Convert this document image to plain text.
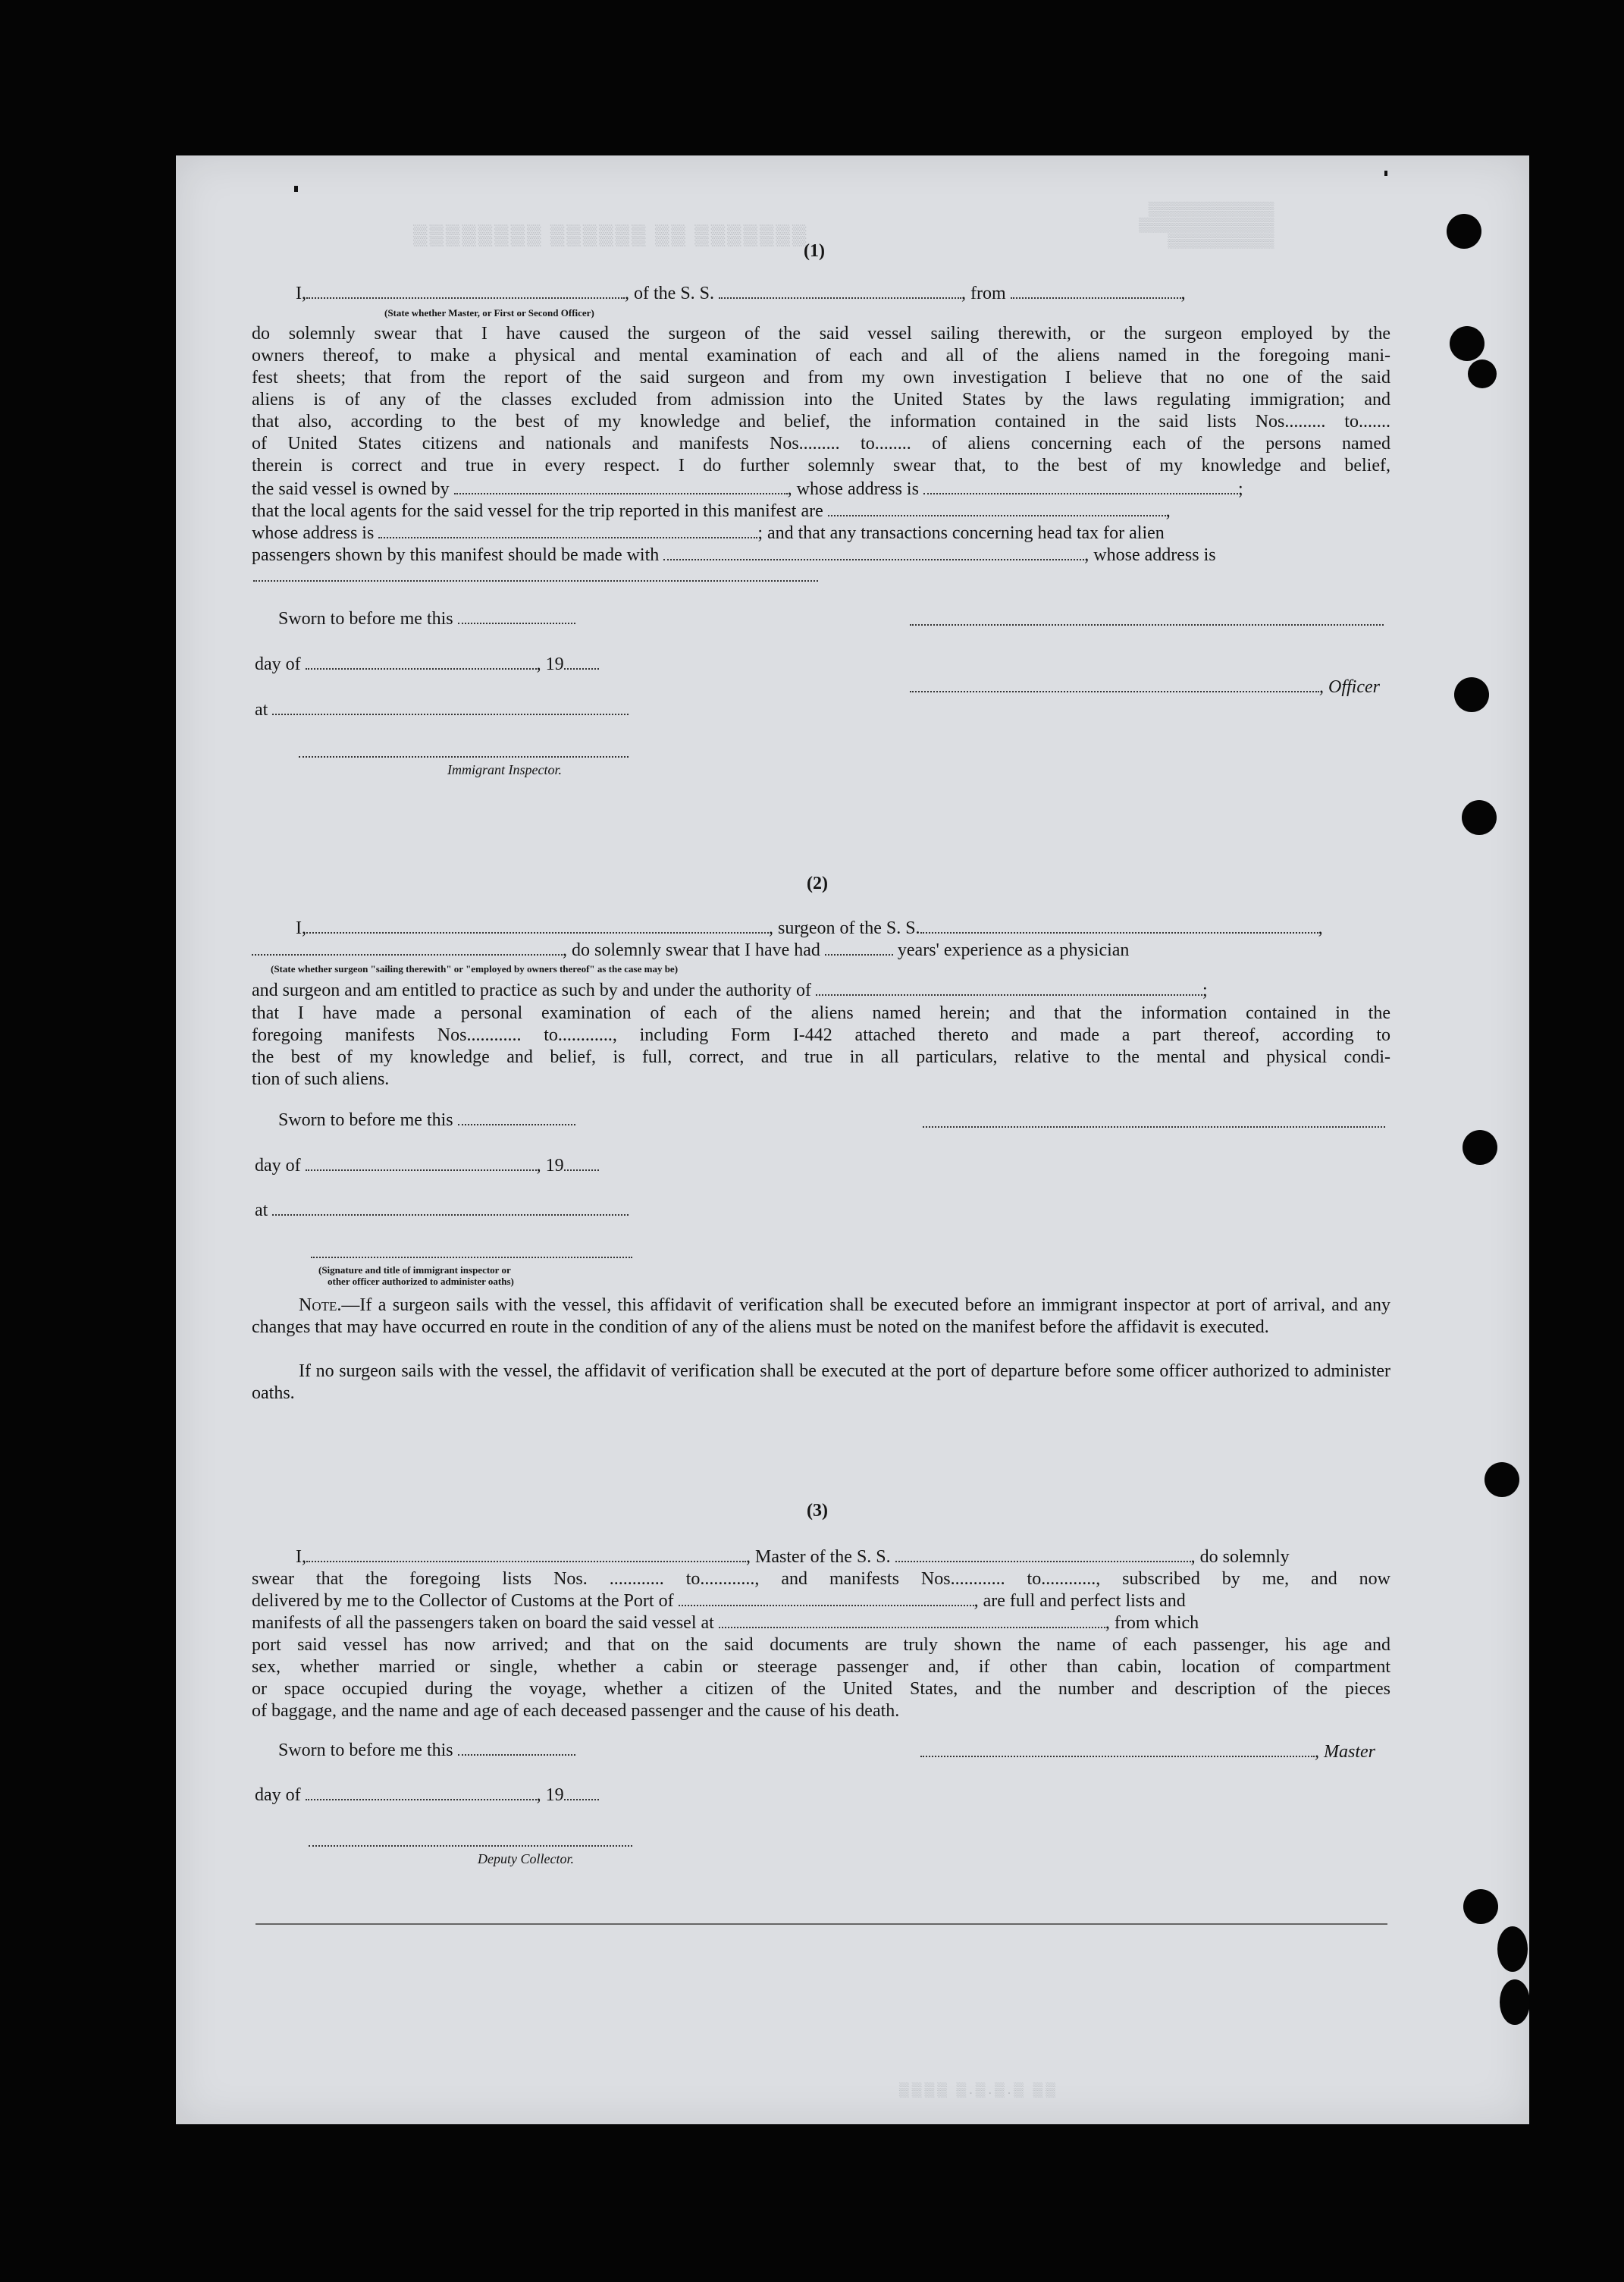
▒▒▒▒▒▒▒ ▒▒ ▒▒▒▒▒▒ ▒▒▒▒▒▒▒▒
▒▒▒▒▒▒▒▒▒▒▒▒▒
▒▒▒▒▒▒▒▒▒▒▒▒▒▒
▒▒▒▒▒▒▒▒▒▒▒
(1)
I,	, of the S. S.	, from	,
(State whether Master, or First or Second Officer)
do solemnly swear that I have caused the surgeon of the said vessel sailing therewith, or the surgeon employed by the
owners thereof, to make a physical and mental examination of each and all of the aliens named in the foregoing mani-
fest sheets; that from the report of the said surgeon and from my own investigation I believe that no one of the said
aliens is of any of the classes excluded from admission into the United States by the laws regulating immigration; and
that also, according to the best of my knowledge and belief, the information contained in the said lists Nos......... to.......
of United States citizens and nationals and manifests Nos......... to........ of aliens concerning each of the persons named
therein is correct and true in every respect. I do further solemnly swear that, to the best of my knowledge and belief,
the said vessel is owned by	, whose address is	;
that the local agents for the said vessel for the trip reported in this manifest are	,
whose address is	; and that any transactions concerning head tax for alien
passengers shown by this manifest should be made with	, whose address is
Sworn to before me this
day of	, 19
, Officer
at
Immigrant Inspector.
(2)
I,	, surgeon of the S. S.	,
, do solemnly swear that I have had	years' experience as a physician
(State whether surgeon "sailing therewith" or "employed by owners thereof" as the case may be)
and surgeon and am entitled to practice as such by and under the authority of	;
that I have made a personal examination of each of the aliens named herein; and that the information contained in the
foregoing manifests Nos............ to............, including Form I-442 attached thereto and made a part thereof, according to
the best of my knowledge and belief, is full, correct, and true in all particulars, relative to the mental and physical condi-
tion of such aliens.
Sworn to before me this
day of	, 19
at
(Signature and title of immigrant inspector or
other officer authorized to administer oaths)
Note.—If a surgeon sails with the vessel, this affidavit of verification shall be executed before an immigrant inspector at port of arrival, and any changes that may have occurred en route in the condition of any of the aliens must be noted on the manifest before the affidavit is executed.
If no surgeon sails with the vessel, the affidavit of verification shall be executed at the port of departure before some officer authorized to administer oaths.
(3)
I,	, Master of the S. S.	, do solemnly
swear that the foregoing lists Nos. ............ to............, and manifests Nos............ to............, subscribed by me, and now
delivered by me to the Collector of Customs at the Port of	, are full and perfect lists and
manifests of all the passengers taken on board the said vessel at	, from which
port said vessel has now arrived; and that on the said documents are truly shown the name of each passenger, his age and
sex, whether married or single, whether a cabin or steerage passenger and, if other than cabin, location of compartment
or space occupied during the voyage, whether a citizen of the United States, and the number and description of the pieces
of baggage, and the name and age of each deceased passenger and the cause of his death.
Sworn to before me this	, Master
day of	, 19
Deputy Collector.
▒▒ ▒.▒.▒.▒ ▒▒▒▒
